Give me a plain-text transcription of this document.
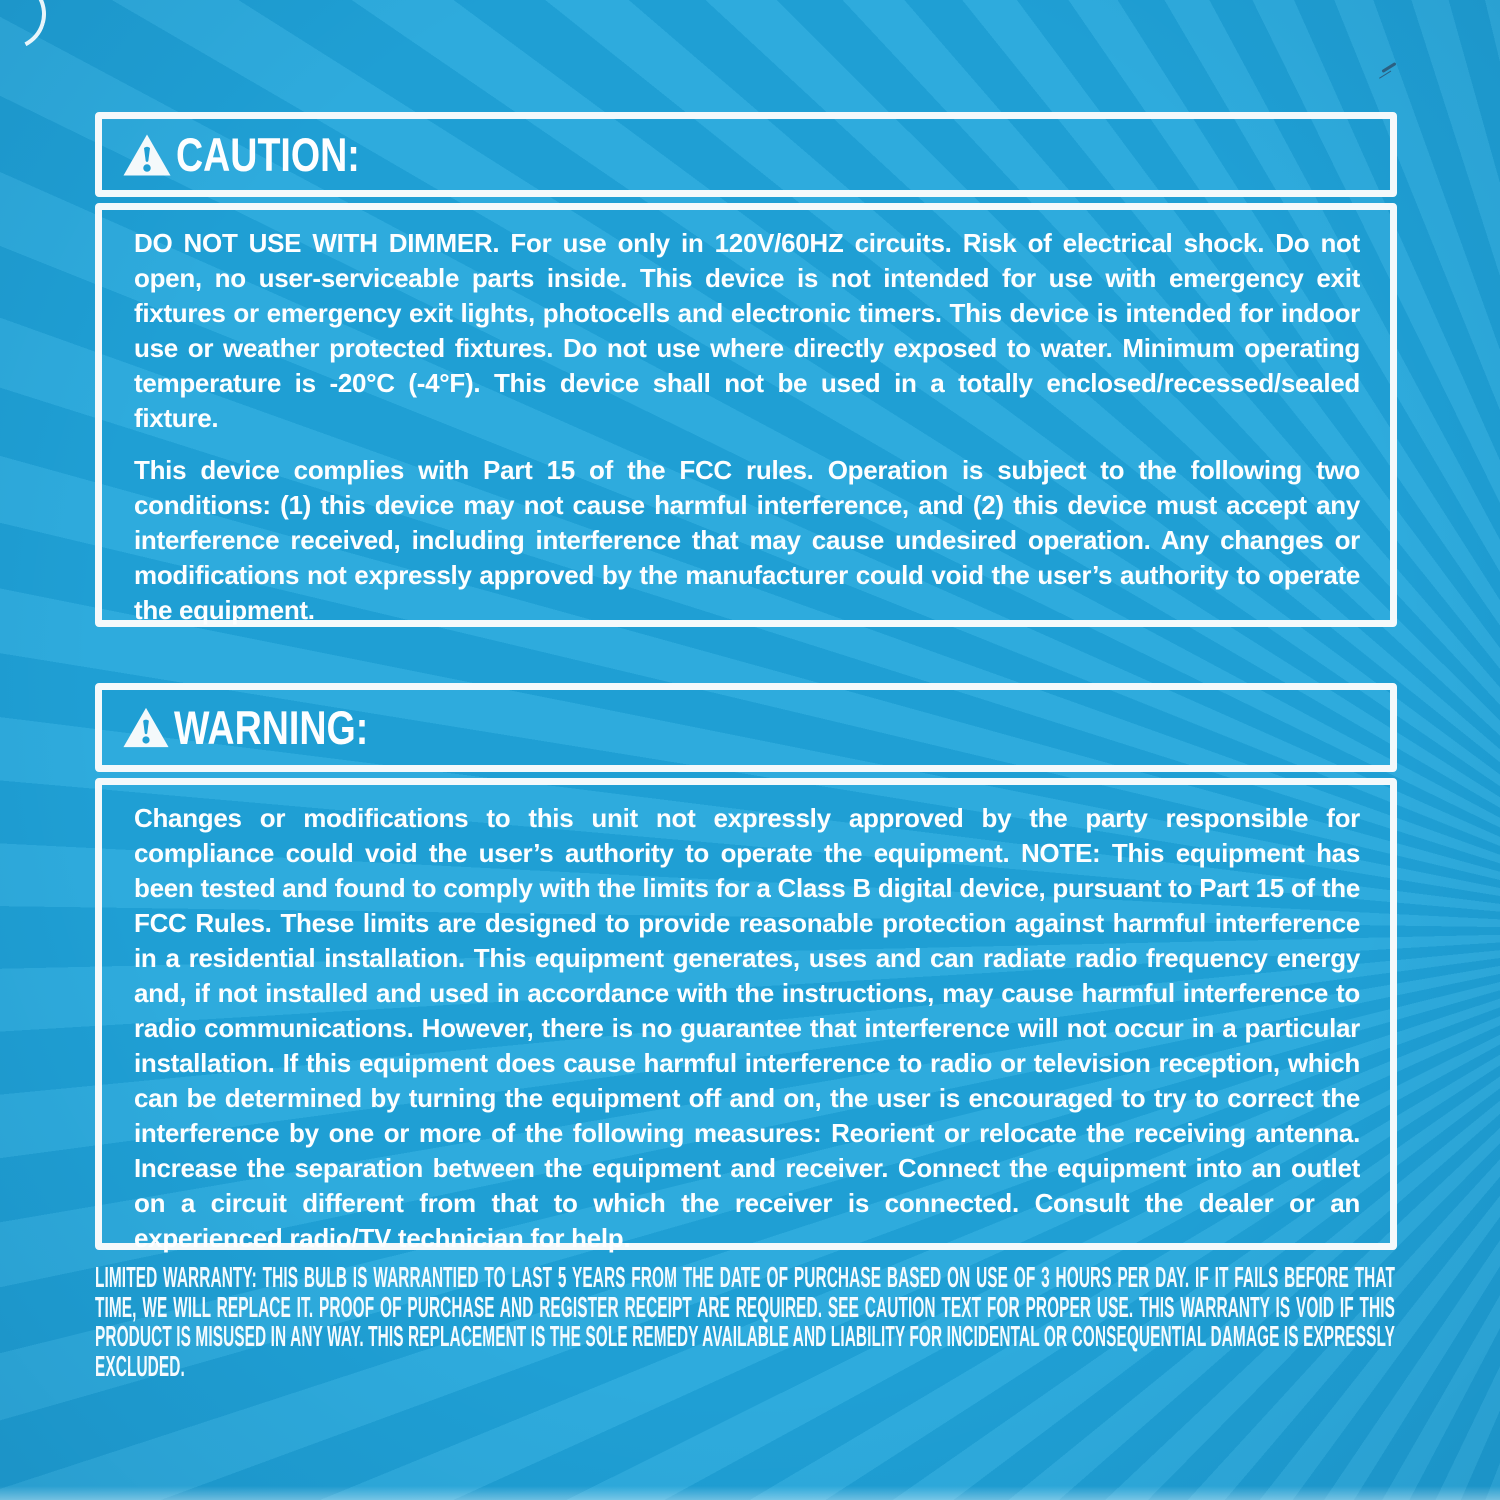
CAUTION:

DO NOT USE WITH DIMMER. For use only in 120V/60HZ circuits. Risk of electrical shock. Do not open, no user-serviceable parts inside. This device is not intended for use with emergency exit fixtures or emergency exit lights, photocells and electronic timers. This device is intended for indoor use or weather protected fixtures. Do not use where directly exposed to water. Minimum operating temperature is -20°C (-4°F). This device shall not be used in a totally enclosed/recessed/sealed fixture.

This device complies with Part 15 of the FCC rules. Operation is subject to the following two conditions: (1) this device may not cause harmful interference, and (2) this device must accept any interference received, including interference that may cause undesired operation. Any changes or modifications not expressly approved by the manufacturer could void the user’s authority to operate the equipment.

WARNING:

Changes or modifications to this unit not expressly approved by the party responsible for compliance could void the user’s authority to operate the equipment. NOTE: This equipment has been tested and found to comply with the limits for a Class B digital device, pursuant to Part 15 of the FCC Rules. These limits are designed to provide reasonable protection against harmful interference in a residential installation. This equipment generates, uses and can radiate radio frequency energy and, if not installed and used in accordance with the instructions, may cause harmful interference to radio communications. However, there is no guarantee that interference will not occur in a particular installation. If this equipment does cause harmful interference to radio or television reception, which can be determined by turning the equipment off and on, the user is encouraged to try to correct the interference by one or more of the following measures: Reorient or relocate the receiving antenna. Increase the separation between the equipment and receiver. Connect the equipment into an outlet on a circuit different from that to which the receiver is connected. Consult the dealer or an experienced radio/TV technician for help.

LIMITED WARRANTY: THIS BULB IS WARRANTIED TO LAST 5 YEARS FROM THE DATE OF PURCHASE BASED ON USE OF 3 HOURS PER DAY. IF IT FAILS BEFORE THAT TIME, WE WILL REPLACE IT. PROOF OF PURCHASE AND REGISTER RECEIPT ARE REQUIRED. SEE CAUTION TEXT FOR PROPER USE. THIS WARRANTY IS VOID IF THIS PRODUCT IS MISUSED IN ANY WAY. THIS REPLACEMENT IS THE SOLE REMEDY AVAILABLE AND LIABILITY FOR INCIDENTAL OR CONSEQUENTIAL DAMAGE IS EXPRESSLY EXCLUDED.
